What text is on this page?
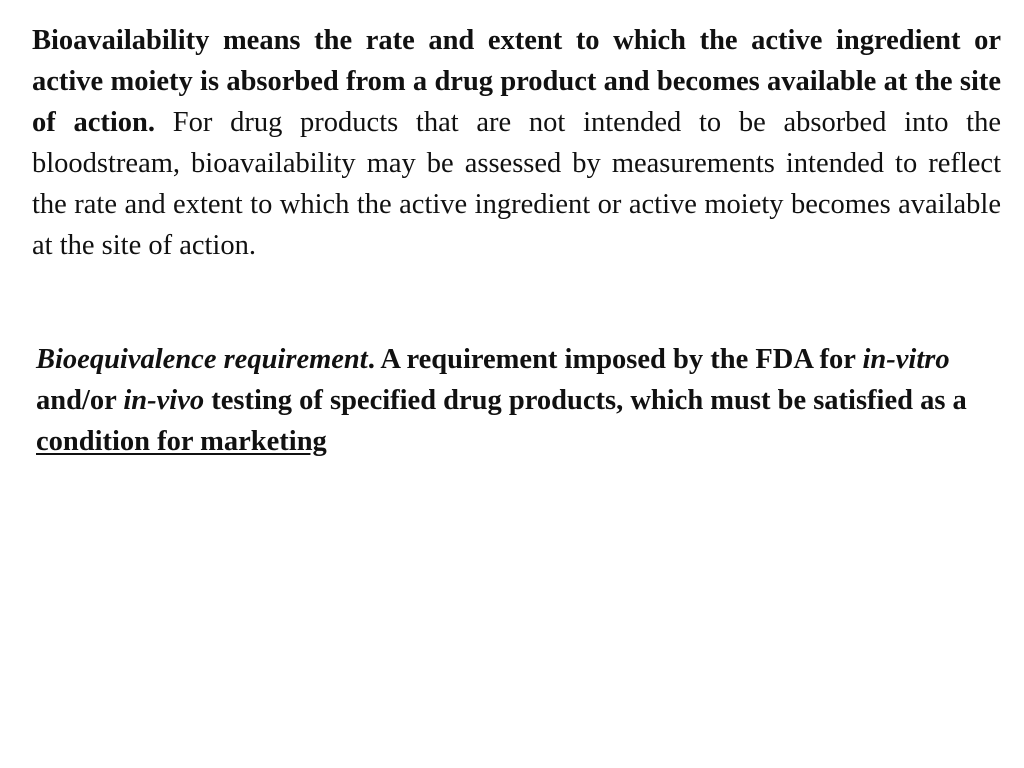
Bioavailability means the rate and extent to which the active ingredient or active moiety is absorbed from a drug product and becomes available at the site of action. For drug products that are not intended to be absorbed into the bloodstream, bioavailability may be assessed by measurements intended to reflect the rate and extent to which the active ingredient or active moiety becomes available at the site of action.

Bioequivalence requirement. A requirement imposed by the FDA for in-vitro and/or in-vivo testing of specified drug products, which must be satisfied as a condition for marketing
